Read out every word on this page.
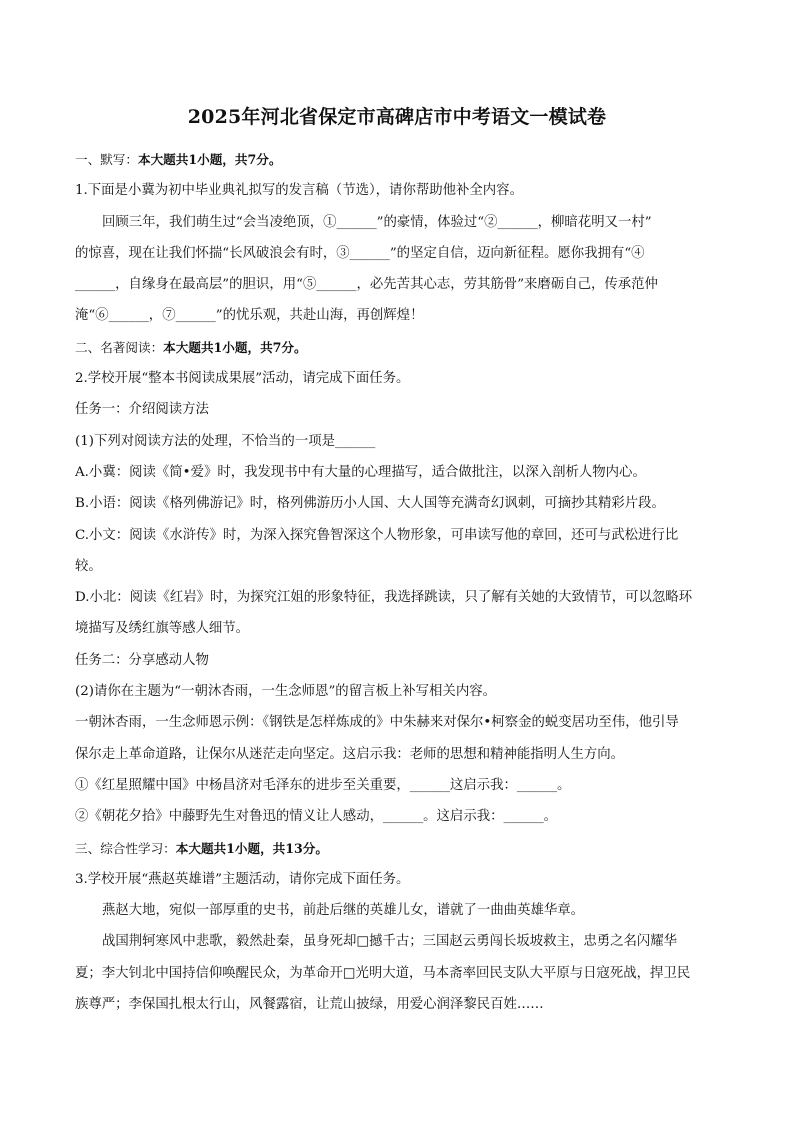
2025年河北省保定市高碑店市中考语文一模试卷
一、默写：本大题共1小题，共7分。
1.下面是小冀为初中毕业典礼拟写的发言稿（节选），请你帮助他补全内容。
回顾三年，我们萌生过“会当凌绝顶，①______”的豪情，体验过“②______，柳暗花明又一村”
的惊喜，现在让我们怀揣“长风破浪会有时，③______”的坚定自信，迈向新征程。愿你我拥有“④
______，自缘身在最高层”的胆识，用“⑤______，必先苦其心志，劳其筋骨”来磨砺自己，传承范仲
淹“⑥______，⑦______”的忧乐观，共赴山海，再创辉煌！
二、名著阅读：本大题共1小题，共7分。
2.学校开展“整本书阅读成果展”活动，请完成下面任务。
任务一：介绍阅读方法
(1)下列对阅读方法的处理，不恰当的一项是______
A.小冀：阅读《简•爱》时，我发现书中有大量的心理描写，适合做批注，以深入剖析人物内心。
B.小语：阅读《格列佛游记》时，格列佛游历小人国、大人国等充满奇幻讽刺，可摘抄其精彩片段。
C.小文：阅读《水浒传》时，为深入探究鲁智深这个人物形象，可串读写他的章回，还可与武松进行比
较。
D.小北：阅读《红岩》时，为探究江姐的形象特征，我选择跳读，只了解有关她的大致情节，可以忽略环
境描写及绣红旗等感人细节。
任务二：分享感动人物
(2)请你在主题为“一朝沐杏雨，一生念师恩”的留言板上补写相关内容。
一朝沐杏雨，一生念师恩示例：《钢铁是怎样炼成的》中朱赫来对保尔•柯察金的蜕变居功至伟，他引导
保尔走上革命道路，让保尔从迷茫走向坚定。这启示我：老师的思想和精神能指明人生方向。
①《红星照耀中国》中杨昌济对毛泽东的进步至关重要，______这启示我：______。
②《朝花夕拾》中藤野先生对鲁迅的情义让人感动，______。这启示我：______。
三、综合性学习：本大题共1小题，共13分。
3.学校开展“燕赵英雄谱”主题活动，请你完成下面任务。
燕赵大地，宛似一部厚重的史书，前赴后继的英雄儿女，谱就了一曲曲英雄华章。
战国荆轲寒风中悲歌，毅然赴秦，虽身死却□撼千古；三国赵云勇闯长坂坡救主，忠勇之名闪耀华
夏；李大钊北中国持信仰唤醒民众，为革命开□光明大道，马本斋率回民支队大平原与日寇死战，捍卫民
族尊严；李保国扎根太行山，风餐露宿，让荒山披绿，用爱心润泽黎民百姓……
